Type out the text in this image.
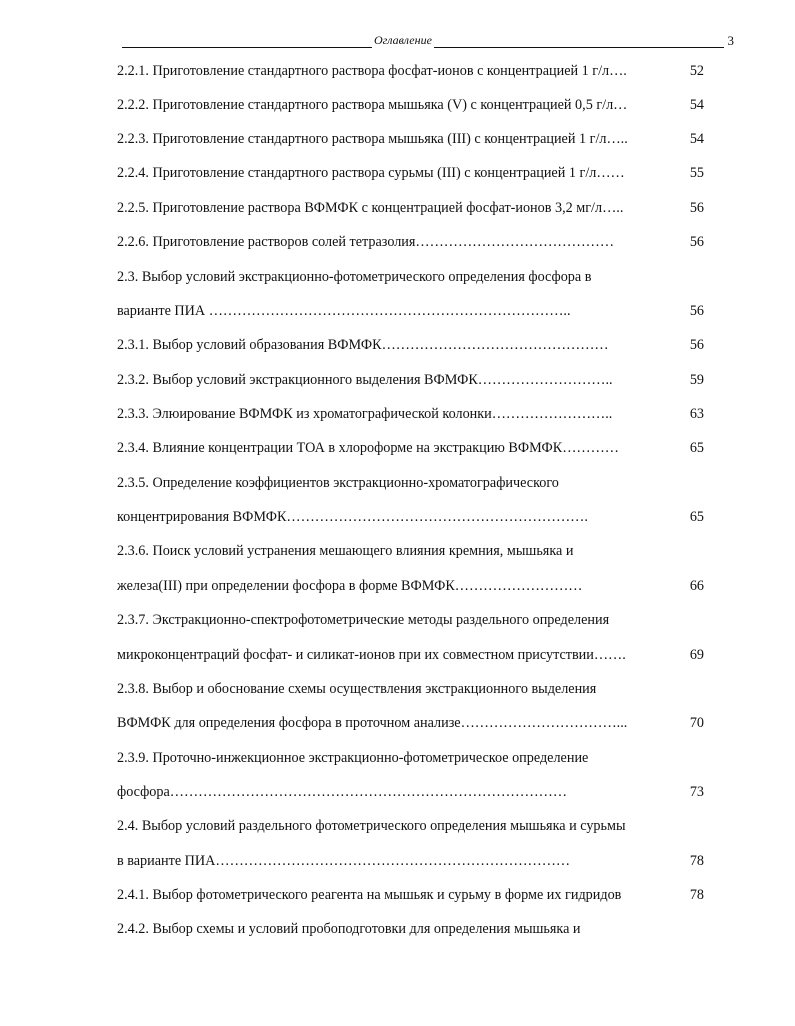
Оглавление	3
2.2.1. Приготовление стандартного раствора фосфат-ионов с концентрацией 1 г/л….	52
2.2.2. Приготовление стандартного раствора мышьяка (V) с концентрацией 0,5 г/л…	54
2.2.3. Приготовление стандартного раствора мышьяка (III) с концентрацией 1 г/л…..	54
2.2.4. Приготовление стандартного раствора сурьмы (III) с концентрацией 1 г/л……	55
2.2.5. Приготовление раствора ВФМФК с концентрацией фосфат-ионов 3,2 мг/л…..	56
2.2.6. Приготовление растворов солей тетразолия……………………………………	56
2.3. Выбор условий экстракционно-фотометрического определения фосфора в
варианте ПИА …………………………………………………………………..	56
2.3.1. Выбор условий образования ВФМФК…………………………………………	56
2.3.2. Выбор условий экстракционного выделения ВФМФК………………………..	59
2.3.3. Элюирование ВФМФК из хроматографической колонки……………………..	63
2.3.4. Влияние концентрации ТОА в хлороформе на экстракцию ВФМФК…………	65
2.3.5. Определение коэффициентов экстракционно-хроматографического
концентрирования ВФМФК……………………………………………………….	65
2.3.6. Поиск условий устранения мешающего влияния кремния, мышьяка и
железа(III) при определении фосфора в форме ВФМФК………………………	66
2.3.7. Экстракционно-спектрофотометрические методы раздельного определения
микроконцентраций фосфат- и силикат-ионов при их совместном присутствии…….	69
2.3.8. Выбор и обоснование схемы осуществления экстракционного выделения
ВФМФК для определения фосфора в проточном анализе……………………………...	70
2.3.9. Проточно-инжекционное экстракционно-фотометрическое определение
фосфора…………………………………………………………………………	73
2.4. Выбор условий раздельного фотометрического определения мышьяка и сурьмы
в варианте ПИА…………………………………………………………………	78
2.4.1. Выбор фотометрического реагента на мышьяк и сурьму в форме их гидридов	78
2.4.2. Выбор схемы и условий пробоподготовки для определения мышьяка и
